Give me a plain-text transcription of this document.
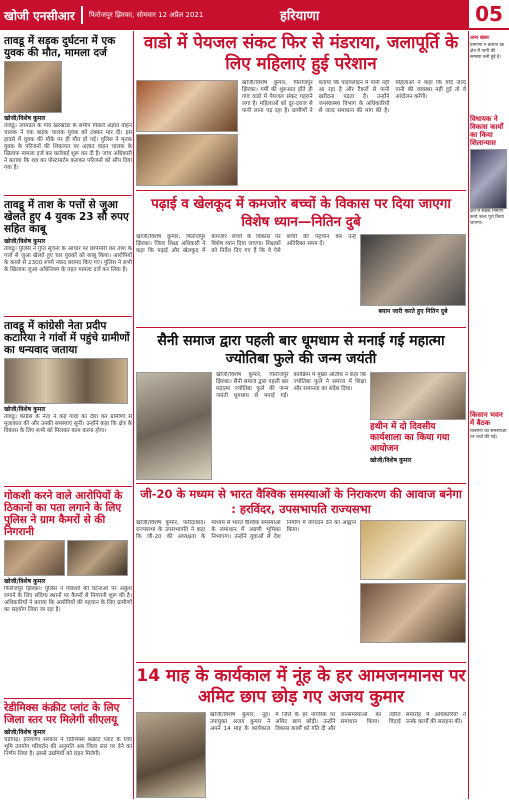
खोजी एनसीआर फिरोजपुर झिरका, सोमवार 12 अप्रैल 2021	हरियाणा	05
तावडू में सड़क दुर्घटना में एक युवक की मौत, मामला दर्ज
खोजी/विशेष कुमार
तावडू। उपमंडल के गांव खरखोडा के समीप पिछले अज्ञात वाहन चालक ने एक बाइक चालक युवक को टक्कर मार दी। इस हादसे में युवक की मौके पर ही मौत हो गई। पुलिस ने मृतक युवक के परिजनों की शिकायत पर अज्ञात वाहन चालक के खिलाफ मामला दर्ज कर कार्रवाई शुरू कर दी है। जांच अधिकारी ने बताया कि शव का पोस्टमार्टम कराकर परिजनों को सौंप दिया गया है।
तावडू में ताश के पत्तों से जुआ खेलते हुए 4 युवक 23 सौ रुपए सहित काबू
खोजी/विशेष कुमार
तावडू। पुलिस ने गुप्त सूचना के आधार पर छापेमारी कर ताश के पत्तों से जुआ खेलते हुए चार युवकों को काबू किया। आरोपियों के कब्जे से 2300 रुपये नकद बरामद किए गए। पुलिस ने सभी के खिलाफ जुआ अधिनियम के तहत मामला दर्ज कर लिया है।
तावडू में कांग्रेसी नेता प्रदीप कटारिया ने गांवों में पहुंचे ग्रामीणों का धन्यवाद जताया
खोजी/विशेष कुमार
तावडू। कांग्रेस के नेता ने कई गांवों का दौरा कर ग्रामीणों से मुलाकात की और उनकी समस्याएं सुनीं। उन्होंने कहा कि क्षेत्र के विकास के लिए सभी को मिलकर काम करना होगा।
गोकशी करने वाले आरोपियों के ठिकानों का पता लगाने के लिए पुलिस ने ग्राम कैमरों से की निगरानी
खोजी/विशेष कुमार
फिरोजपुर झिरका। पुलिस ने गोकशी की घटनाओं पर अंकुश लगाने के लिए संदिग्ध स्थानों पर कैमरों से निगरानी शुरू की है। अधिकारियों ने बताया कि आरोपियों की पहचान के लिए ग्रामीणों का सहयोग लिया जा रहा है।
रेडीमिक्स कंक्रीट प्लांट के लिए जिला स्तर पर मिलेगी सीएलयू
खोजी/विशेष कुमार
चंडीगढ़। हरियाणा सरकार ने रेडीमिक्स कंक्रीट प्लांट के लिए भूमि उपयोग परिवर्तन की अनुमति अब जिला स्तर पर देने का निर्णय लिया है। इससे उद्यमियों को राहत मिलेगी।
वाडो में पेयजल संकट फिर से मंडराया, जलापूर्ति के लिए महिलाएं हुई परेशान
खोजी/विशेष कुमार, फिरोजपुर झिरका। गर्मी की शुरुआत होते ही गांव वाडो में पेयजल संकट गहराने लगा है। महिलाओं को दूर-दराज से पानी लाना पड़ रहा है। ग्रामीणों ने बताया कि पाइपलाइन में पानी नहीं आ रहा है और टैंकरों से पानी खरीदना पड़ता है। उन्होंने जनस्वास्थ्य विभाग के अधिकारियों से जल्द समाधान की मांग की है। महिलाओं ने कहा कि यदि जल्द पानी की व्यवस्था नहीं हुई तो वे आंदोलन करेंगी।
पढ़ाई व खेलकूद में कमजोर बच्चों के विकास पर दिया जाएगा विशेष ध्यान—नितिन दुबे
खोजी/विशेष कुमार, फिरोजपुर झिरका। जिला शिक्षा अधिकारी ने कहा कि पढ़ाई और खेलकूद में कमजोर बच्चों के विकास पर विशेष ध्यान दिया जाएगा। शिक्षकों को निर्देश दिए गए हैं कि वे ऐसे बच्चों की पहचान कर उन्हें अतिरिक्त समय दें।
बयान जारी करते हुए नितिन दुबे
सैनी समाज द्वारा पहली बार धूमधाम से मनाई गई महात्मा ज्योतिबा फुले की जन्म जयंती
खोजी/विशेष कुमार, फिरोजपुर झिरका। सैनी समाज द्वारा पहली बार महात्मा ज्योतिबा फुले की जन्म जयंती धूमधाम से मनाई गई। कार्यक्रम में मुख्य अतिथि ने कहा कि ज्योतिबा फुले ने समाज में शिक्षा और समानता का संदेश दिया।
हथीन में दो दिवसीय कार्यशाला का किया गया आयोजन
खोजी/विशेष कुमार
जी-20 के मध्यम से भारत वैश्विक समस्याओं के निराकरण की आवाज बनेगा : हरविंदर, उपसभापति राज्यसभा
खोजी/विशेष कुमार, फरीदाबाद। राज्यसभा के उपसभापति ने कहा कि जी-20 की अध्यक्षता के माध्यम से भारत वैश्विक समस्याओं के समाधान में अग्रणी भूमिका निभाएगा। उन्होंने युवाओं से देश निर्माण में योगदान देने का आह्वान किया।
14 माह के कार्यकाल में नूंह के हर आमजनमानस पर अमिट छाप छोड़ गए अजय कुमार
खोजी/विशेष कुमार, नूंह। उपायुक्त अजय कुमार ने अपने 14 माह के कार्यकाल में जिले के हर नागरिक पर अमिट छाप छोड़ी। उन्होंने विकास कार्यों को गति दी और जनसमस्याओं का त्वरित समाधान किया। विदाई समारोह में अधिकारियों ने उनके कार्यों की सराहना की।
अन्य खबर
ग्रामीणों ने बताया कि क्षेत्र में पानी की समस्या बनी हुई है।
विधायक ने विकास कार्यों का किया शिलान्यास
क्षेत्र में सड़क निर्माण कार्य जल्द पूरा किया जाएगा।
किसान भवन में बैठक
किसानों की समस्याओं पर चर्चा की गई।
